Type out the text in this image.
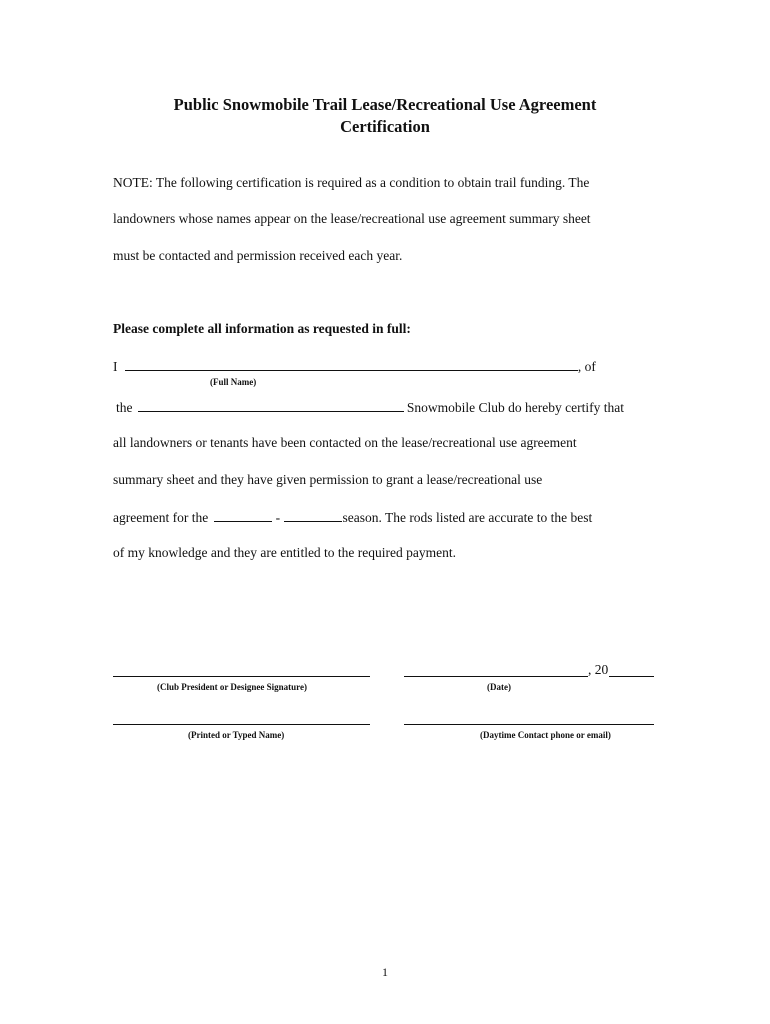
Public Snowmobile Trail Lease/Recreational Use Agreement
Certification
NOTE: The following certification is required as a condition to obtain trail funding. The
landowners whose names appear on the lease/recreational use agreement summary sheet
must be contacted and permission received each year.
Please complete all information as requested in full:
I	, of
(Full Name)
the	Snowmobile Club do hereby certify that
all landowners or tenants have been contacted on the lease/recreational use agreement
summary sheet and they have given permission to grant a lease/recreational use
agreement for the	-	season. The rods listed are accurate to the best
of my knowledge and they are entitled to the required payment.
, 20
(Club President or Designee Signature)	(Date)
(Printed or Typed Name)	(Daytime Contact phone or email)
1
